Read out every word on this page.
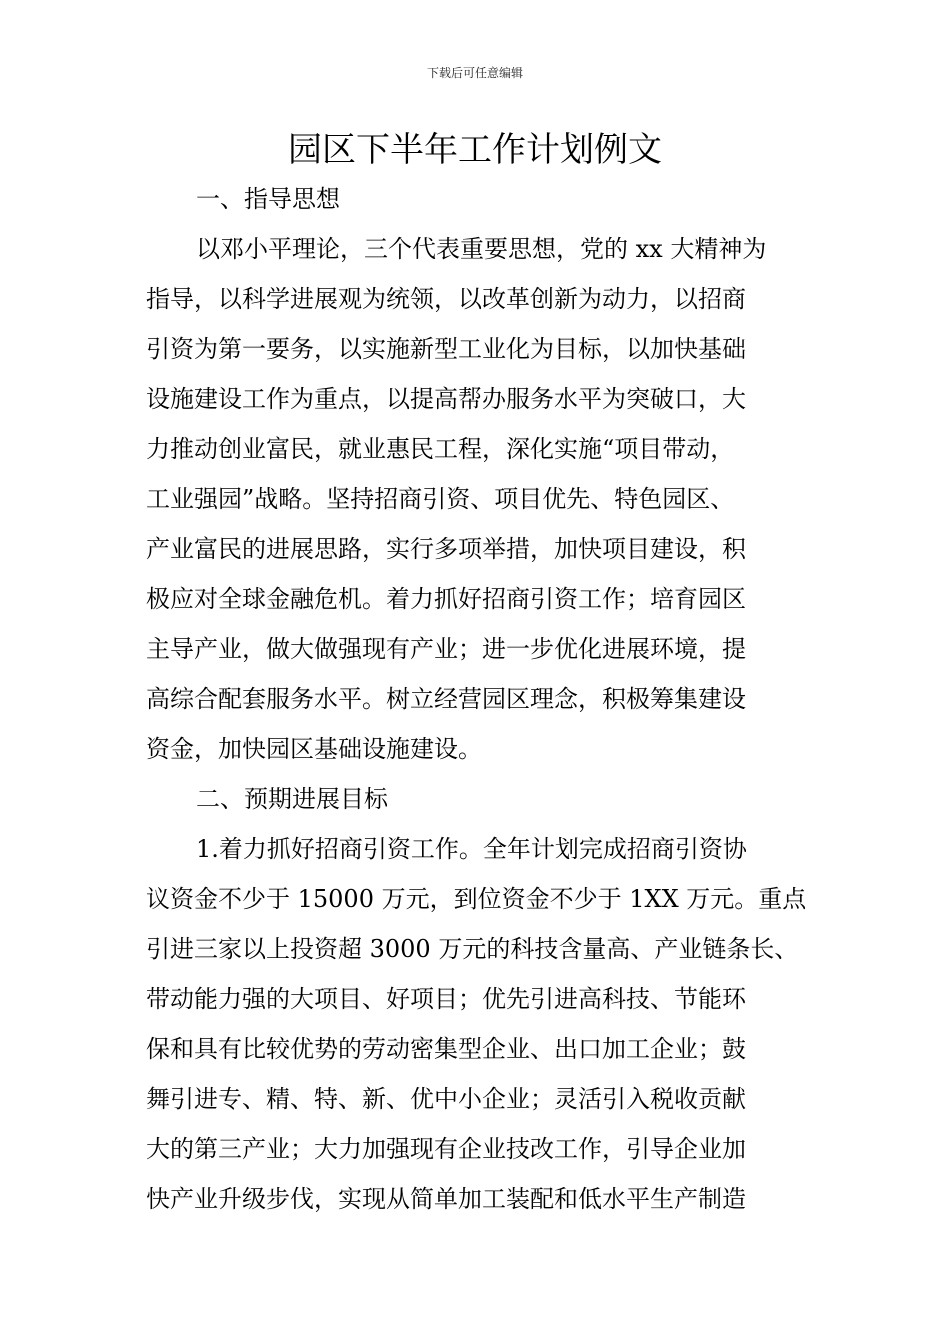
下载后可任意编辑
园区下半年工作计划例文
一、指导思想
以邓小平理论，三个代表重要思想，党的 xx 大精神为
指导，以科学进展观为统领，以改革创新为动力，以招商
引资为第一要务，以实施新型工业化为目标，以加快基础
设施建设工作为重点，以提高帮办服务水平为突破口，大
力推动创业富民，就业惠民工程，深化实施“项目带动，
工业强园”战略。坚持招商引资、项目优先、特色园区、
产业富民的进展思路，实行多项举措，加快项目建设，积
极应对全球金融危机。着力抓好招商引资工作；培育园区
主导产业，做大做强现有产业；进一步优化进展环境，提
高综合配套服务水平。树立经营园区理念，积极筹集建设
资金，加快园区基础设施建设。
二、预期进展目标
1.着力抓好招商引资工作。全年计划完成招商引资协
议资金不少于 15000 万元，到位资金不少于 1XX 万元。重点
引进三家以上投资超 3000 万元的科技含量高、产业链条长、
带动能力强的大项目、好项目；优先引进高科技、节能环
保和具有比较优势的劳动密集型企业、出口加工企业；鼓
舞引进专、精、特、新、优中小企业；灵活引入税收贡献
大的第三产业；大力加强现有企业技改工作，引导企业加
快产业升级步伐，实现从简单加工装配和低水平生产制造
